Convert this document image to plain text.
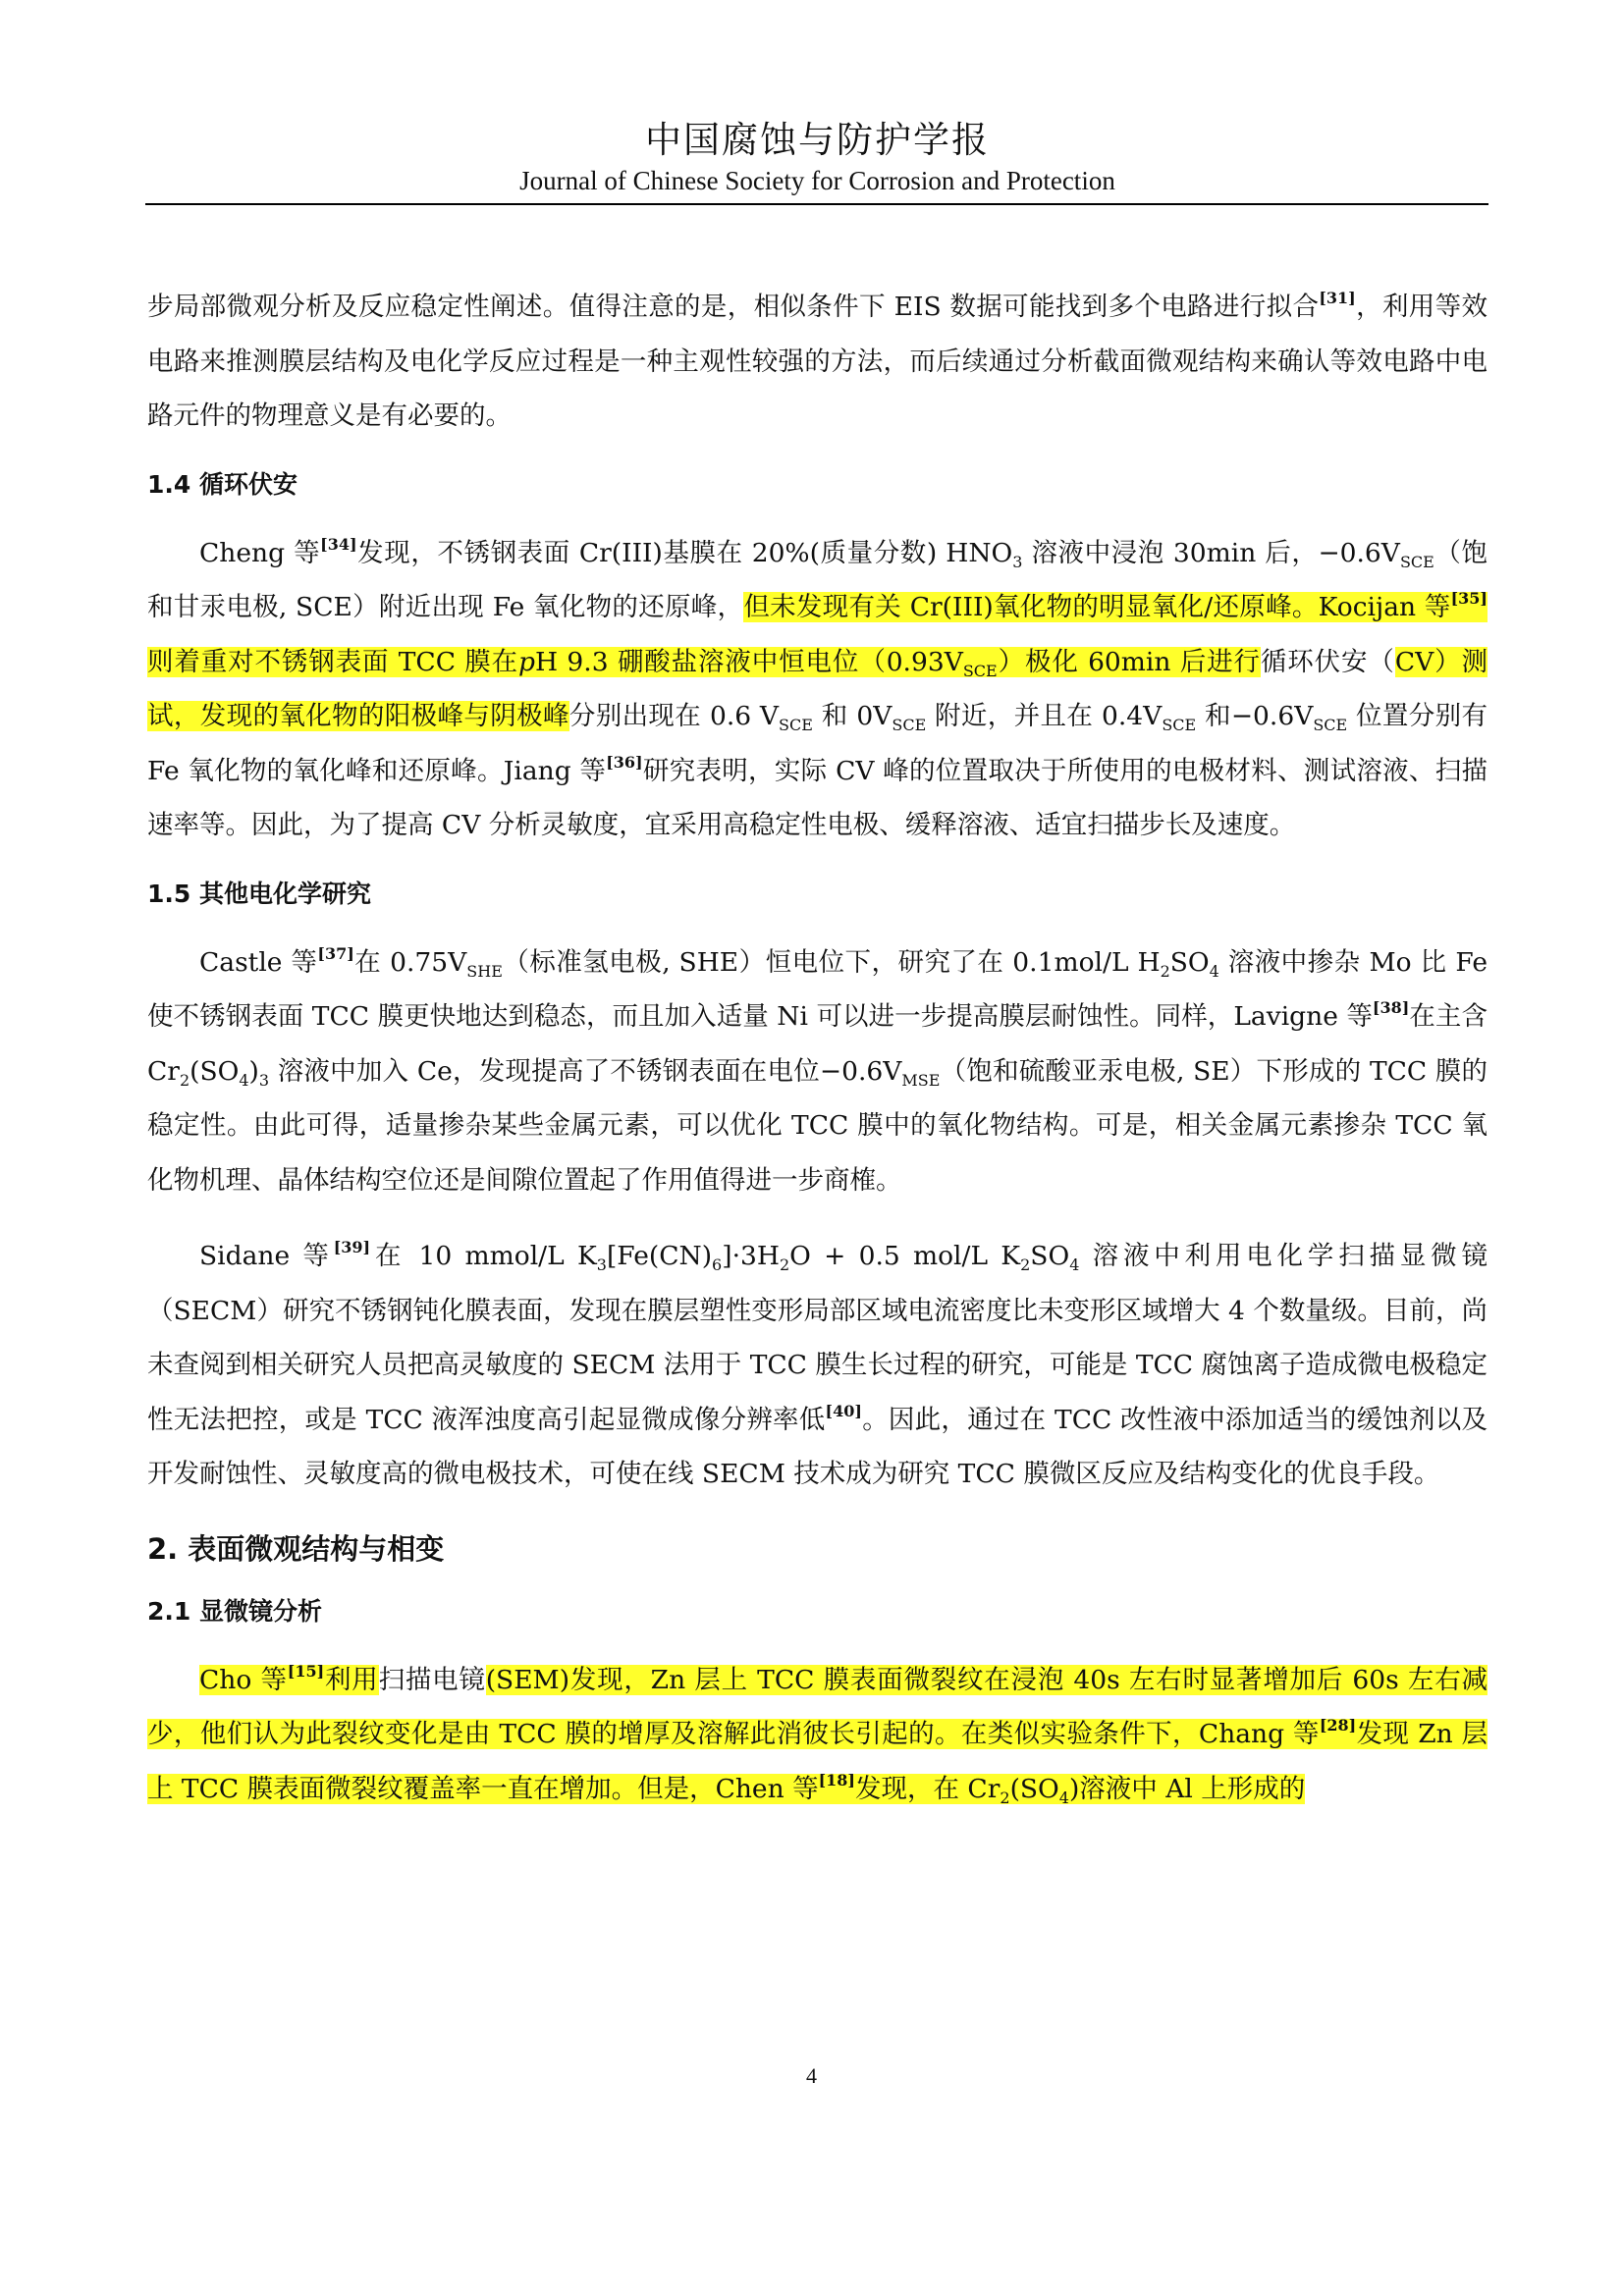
中国腐蚀与防护学报
Journal of Chinese Society for Corrosion and Protection

步局部微观分析及反应稳定性阐述。值得注意的是，相似条件下 EIS 数据可能找到多个电路进行拟合[31]，利用等效电路来推测膜层结构及电化学反应过程是一种主观性较强的方法，而后续通过分析截面微观结构来确认等效电路中电路元件的物理意义是有必要的。

1.4 循环伏安

Cheng 等[34]发现，不锈钢表面 Cr(III)基膜在 20%(质量分数) $HNO_3$ 溶液中浸泡 30min 后，$-0.6V_{SCE}$（饱和甘汞电极, SCE）附近出现 Fe 氧化物的还原峰，但未发现有关 Cr(III)氧化物的明显氧化/还原峰。Kocijan 等[35]则着重对不锈钢表面 TCC 膜在pH 9.3 硼酸盐溶液中恒电位$(0.93V_{SCE})$极化 60min 后进行循环伏安（CV）测试，发现的氧化物的阳极峰与阴极峰分别出现在 0.6 $V_{SCE}$ 和 $0V_{SCE}$ 附近，并且在 $0.4V_{SCE}$ 和$-0.6V_{SCE}$ 位置分别有 Fe 氧化物的氧化峰和还原峰。Jiang 等[36]研究表明，实际 CV 峰的位置取决于所使用的电极材料、测试溶液、扫描速率等。因此，为了提高 CV 分析灵敏度，宜采用高稳定性电极、缓释溶液、适宜扫描步长及速度。

1.5 其他电化学研究

Castle 等[37]在 $0.75V_{SHE}$（标准氢电极, SHE）恒电位下，研究了在 0.1mol/L $H_2SO_4$ 溶液中掺杂 Mo 比 Fe 使不锈钢表面 TCC 膜更快地达到稳态，而且加入适量 Ni 可以进一步提高膜层耐蚀性。同样，Lavigne 等[38]在主含 $Cr_2(SO_4)_3$ 溶液中加入 Ce，发现提高了不锈钢表面在电位$-0.6V_{MSE}$（饱和硫酸亚汞电极, SE）下形成的 TCC 膜的稳定性。由此可得，适量掺杂某些金属元素，可以优化 TCC 膜中的氧化物结构。可是，相关金属元素掺杂 TCC 氧化物机理、晶体结构空位还是间隙位置起了作用值得进一步商榷。

Sidane 等[39]在 10 mmol/L $K_3[Fe(CN)_6]\cdot 3H_2O + 0.5$ mol/L $K_2SO_4$ 溶液中利用电化学扫描显微镜（SECM）研究不锈钢钝化膜表面，发现在膜层塑性变形局部区域电流密度比未变形区域增大 4 个数量级。目前，尚未查阅到相关研究人员把高灵敏度的 SECM 法用于 TCC 膜生长过程的研究，可能是 TCC 腐蚀离子造成微电极稳定性无法把控，或是 TCC 液浑浊度高引起显微成像分辨率低[40]。因此，通过在 TCC 改性液中添加适当的缓蚀剂以及开发耐蚀性、灵敏度高的微电极技术，可使在线 SECM 技术成为研究 TCC 膜微区反应及结构变化的优良手段。

2. 表面微观结构与相变
2.1 显微镜分析

Cho 等[15]利用扫描电镜(SEM)发现，Zn 层上 TCC 膜表面微裂纹在浸泡 40s 左右时显著增加后 60s 左右减少，他们认为此裂纹变化是由 TCC 膜的增厚及溶解此消彼长引起的。在类似实验条件下，Chang 等[28]发现 Zn 层上 TCC 膜表面微裂纹覆盖率一直在增加。但是，Chen 等[18]发现，在 $Cr_2(SO_4)$溶液中 Al 上形成的

4
